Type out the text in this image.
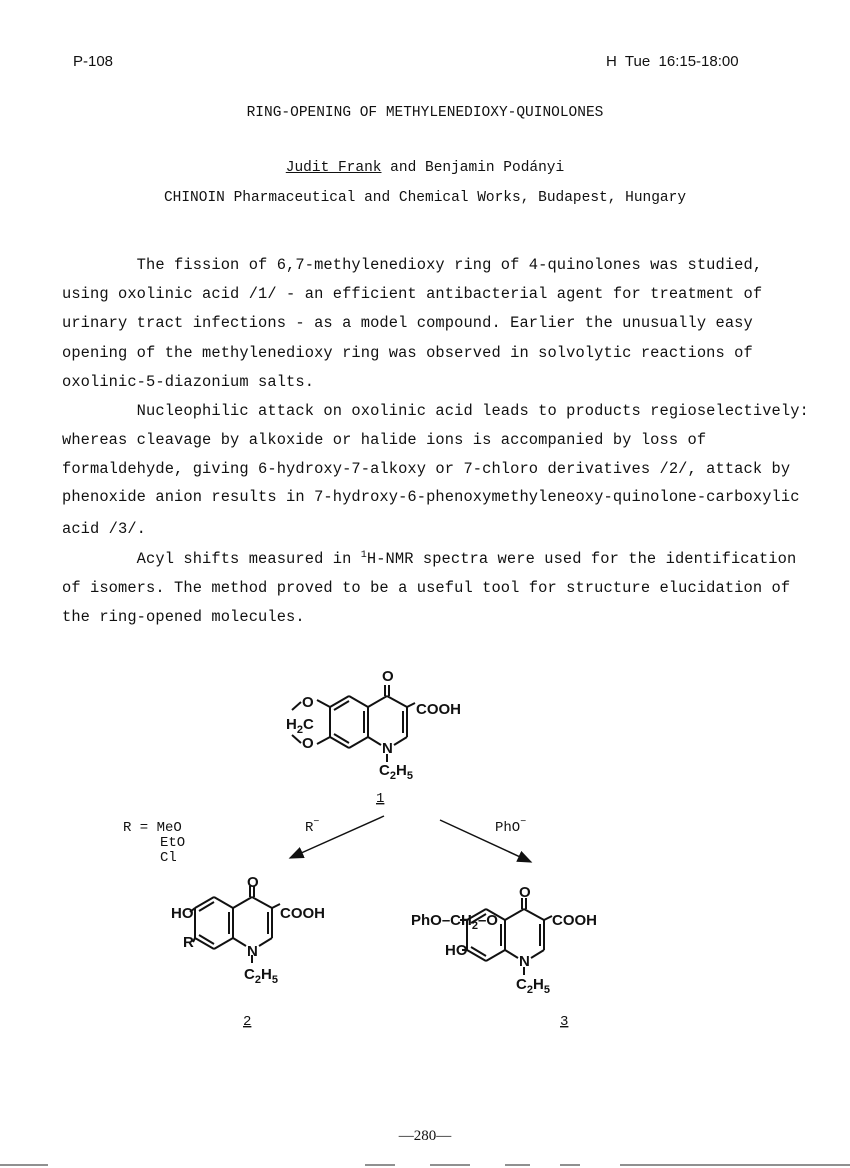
P-108	H  Tue  16:15-18:00
RING-OPENING OF METHYLENEDIOXY-QUINOLONES
Judit Frank and Benjamin Podányi
CHINOIN Pharmaceutical and Chemical Works, Budapest, Hungary
The fission of 6,7-methylenedioxy ring of 4-quinolones was studied,
using oxolinic acid /1/ - an efficient antibacterial agent for treatment of
urinary tract infections - as a model compound. Earlier the unusually easy
opening of the methylenedioxy ring was observed in solvolytic reactions of
oxolinic-5-diazonium salts.
Nucleophilic attack on oxolinic acid leads to products regioselectively:
whereas cleavage by alkoxide or halide ions is accompanied by loss of
formaldehyde, giving 6-hydroxy-7-alkoxy or 7-chloro derivatives /2/, attack by
phenoxide anion results in 7-hydroxy-6-phenoxymethyleneoxy-quinolone-carboxylic
acid /3/.
Acyl shifts measured in $^1$H-NMR spectra were used for the identification
of isomers. The method proved to be a useful tool for structure elucidation of
the ring-opened molecules.
O
O
$H_2C$
O
COOH
N
$C_2H_5$
1
R−	PhO−
R = MeO
EtO
Cl
HO
R
O
COOH
N
$C_2H_5$
2
PhO–$CH_2-O$
HO
O
COOH
N
$C_2H_5$
3
—280—
